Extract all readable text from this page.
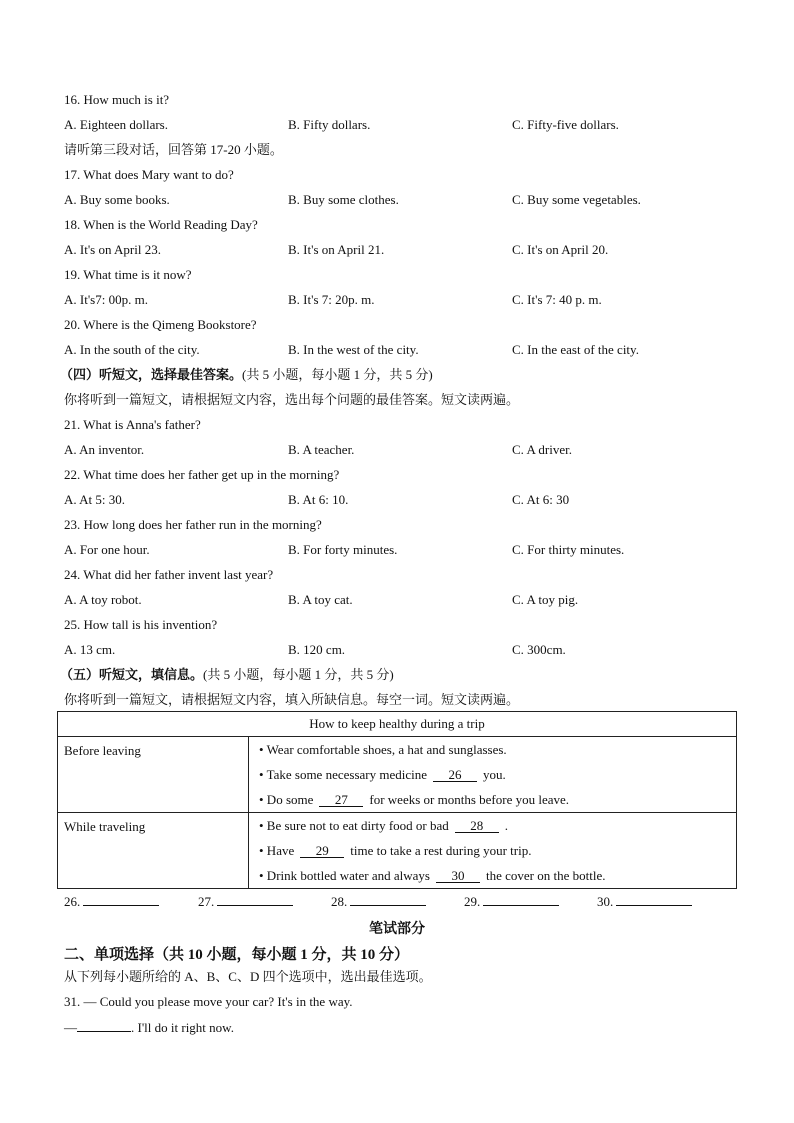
16. How much is it?
A. Eighteen dollars.	B. Fifty dollars.	C. Fifty-five dollars.
请听第三段对话，回答第 17-20 小题。
17. What does Mary want to do?
A. Buy some books.	B. Buy some clothes.	C. Buy some vegetables.
18. When is the World Reading Day?
A. It's on April 23.	B. It's on April 21.	C. It's on April 20.
19. What time is it now?
A. It's7: 00p. m.	B. It's 7: 20p. m.	C. It's 7: 40 p. m.
20. Where is the Qimeng Bookstore?
A. In the south of the city.	B. In the west of the city.	C. In the east of the city.
（四）听短文，选择最佳答案。(共 5 小题，每小题 1 分，共 5 分)
你将听到一篇短文，请根据短文内容，选出每个问题的最佳答案。短文读两遍。
21. What is Anna's father?
A. An inventor.	B. A teacher.	C. A driver.
22. What time does her father get up in the morning?
A. At 5: 30.	B. At 6: 10.	C. At 6: 30
23. How long does her father run in the morning?
A. For one hour.	B. For forty minutes.	C. For thirty minutes.
24. What did her father invent last year?
A. A toy robot.	B. A toy cat.	C. A toy pig.
25. How tall is his invention?
A. 13 cm.	B. 120 cm.	C. 300cm.
（五）听短文，填信息。(共 5 小题，每小题 1 分，共 5 分)
你将听到一篇短文，请根据短文内容，填入所缺信息。每空一词。短文读两遍。
How to keep healthy during a trip	
Before leaving	• Wear comfortable shoes, a hat and sunglasses.
• Take some necessary medicine 26 you.
• Do some 27 for weeks or months before you leave.

While traveling	• Be sure not to eat dirty food or bad 28 .
• Have 29 time to take a rest during your trip.
• Drink bottled water and always 30 the cover on the bottle.
26.	27.	28.	29.	30.
笔试部分
二、单项选择（共 10 小题，每小题 1 分，共 10 分）
从下列每小题所给的 A、B、C、D 四个选项中，选出最佳选项。
31. — Could you please move your car? It's in the way.
—	. I'll do it right now.
